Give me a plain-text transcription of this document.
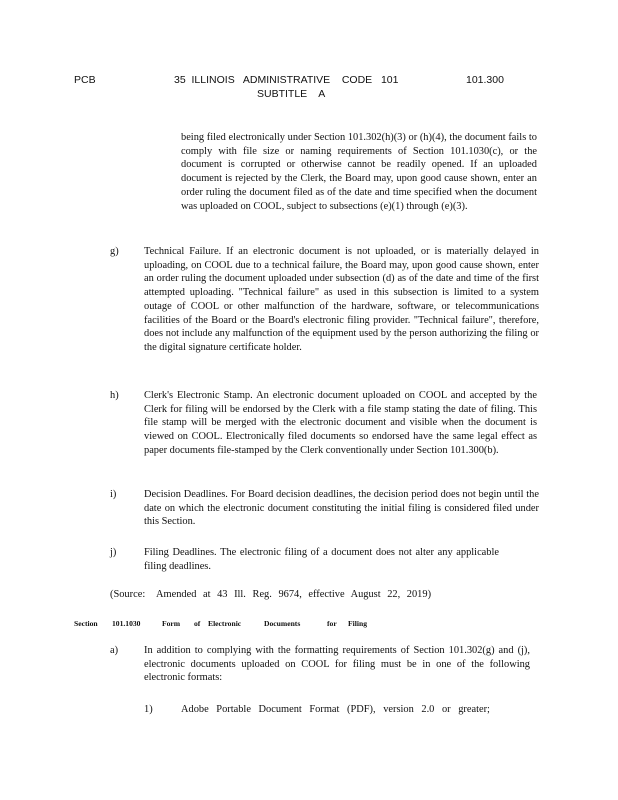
PCB	35  ILLINOIS   ADMINISTRATIVE    CODE   101
SUBTITLE    A
101.300
being filed electronically under Section 101.302(h)(3) or (h)(4), the document fails to comply with file size or naming requirements of Section 101.1030(c), or the document is corrupted or otherwise cannot be readily opened. If an uploaded document is rejected by the Clerk, the Board may, upon good cause shown, enter an order ruling the document filed as of the date and time specified when the document was uploaded on COOL, subject to subsections (e)(1) through (e)(3).
g) Technical Failure. If an electronic document is not uploaded, or is materially delayed in uploading, on COOL due to a technical failure, the Board may, upon good cause shown, enter an order ruling the document uploaded under subsection (d) as of the date and time of the first attempted uploading. "Technical failure" as used in this subsection is limited to a system outage of COOL or other malfunction of the hardware, software, or telecommunications facilities of the Board or the Board's electronic filing provider. "Technical failure", therefore, does not include any malfunction of the equipment used by the person authorizing the filing or the digital signature certificate holder.
h) Clerk's Electronic Stamp. An electronic document uploaded on COOL and accepted by the Clerk for filing will be endorsed by the Clerk with a file stamp stating the date of filing. This file stamp will be merged with the electronic document and visible when the document is viewed on COOL. Electronically filed documents so endorsed have the same legal effect as paper documents file-stamped by the Clerk conventionally under Section 101.300(b).
i)	Decision Deadlines. For Board decision deadlines, the decision period does not begin until the date on which the electronic document constituting the initial filing is considered filed under this Section.
j)	Filing Deadlines. The electronic filing of a document does not alter any applicable filing deadlines.
(Source: Amended at 43 Ill. Reg. 9674, effective August 22, 2019)
Section	101.1030	Form	of	Electronic	Documents	for	Filing
a) In addition to complying with the formatting requirements of Section 101.302(g) and (j), electronic documents uploaded on COOL for filing must be in one of the following electronic formats:
1)	Adobe Portable Document Format (PDF), version 2.0 or greater;
